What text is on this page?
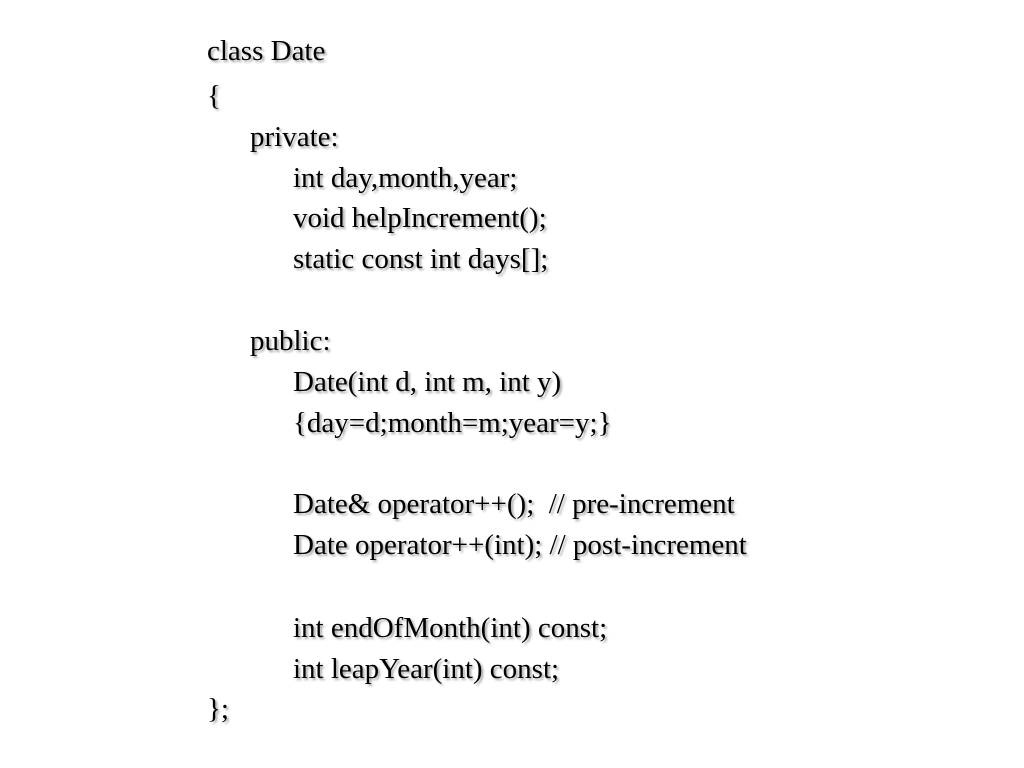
class Date

{

private:

int day,month,year;

void helpIncrement();

static const int days[];

public:

Date(int d, int m, int y)

{day=d;month=m;year=y;}

Date& operator++();  // pre-increment

Date operator++(int); // post-increment

int endOfMonth(int) const;

int leapYear(int) const;

};
